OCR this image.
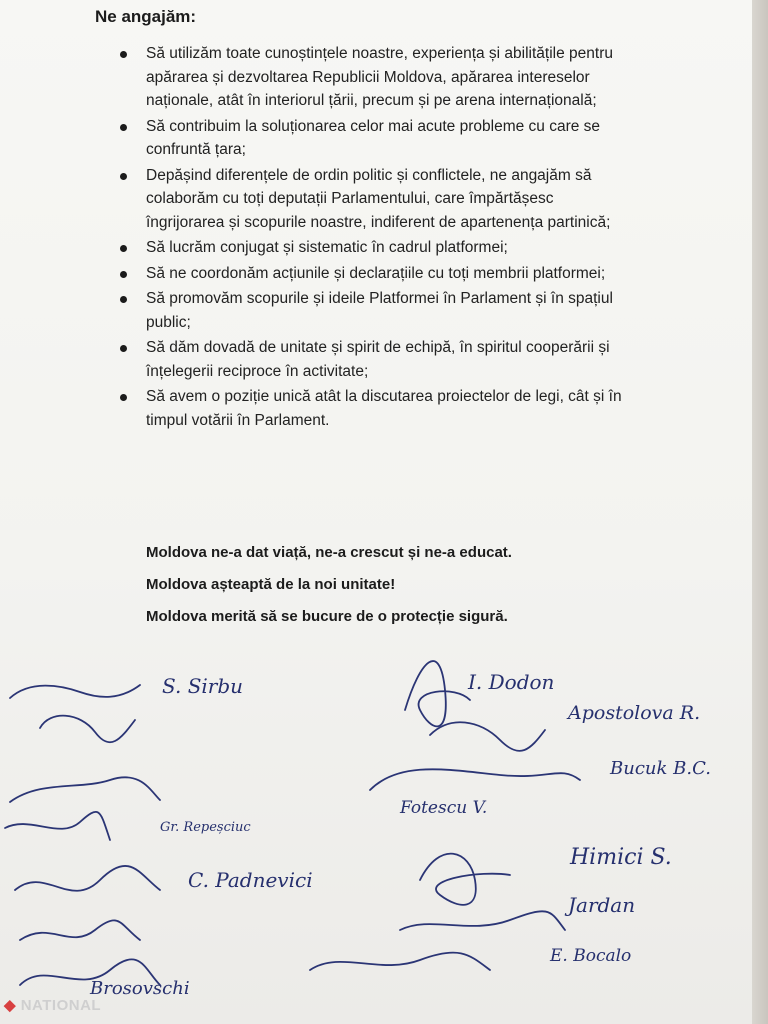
Ne angajăm:
Să utilizăm toate cunoștințele noastre, experiența și abilitățile pentru apărarea și dezvoltarea Republicii Moldova, apărarea intereselor naționale, atât în interiorul țării, precum și pe arena internațională;
Să contribuim la soluționarea celor mai acute probleme cu care se confruntă țara;
Depășind diferențele de ordin politic și conflictele, ne angajăm să colaborăm cu toți deputații Parlamentului, care împărtășesc îngrijorarea și scopurile noastre, indiferent de apartenența partinică;
Să lucrăm conjugat și sistematic în cadrul platformei;
Să ne coordonăm acțiunile și declarațiile cu toți membrii platformei;
Să promovăm scopurile și ideile Platformei în Parlament și în spațiul public;
Să dăm dovadă de unitate și spirit de echipă, în spiritul cooperării și înțelegerii reciproce în activitate;
Să avem o poziție unică atât la discutarea proiectelor de legi, cât și în timpul votării în Parlament.
Moldova ne-a dat viață, ne-a crescut și ne-a educat.
Moldova așteaptă de la noi unitate!
Moldova merită să se bucure de o protecție sigură.
S. Sirbu
Gr. Repeșciuc
C. Padnevici
Brosovschi
I. Dodon
Apostolova R.
Bucuk B.C.
Fotescu V.
Himici S.
Jardan
E. Bocalo
◆ NATIONAL
